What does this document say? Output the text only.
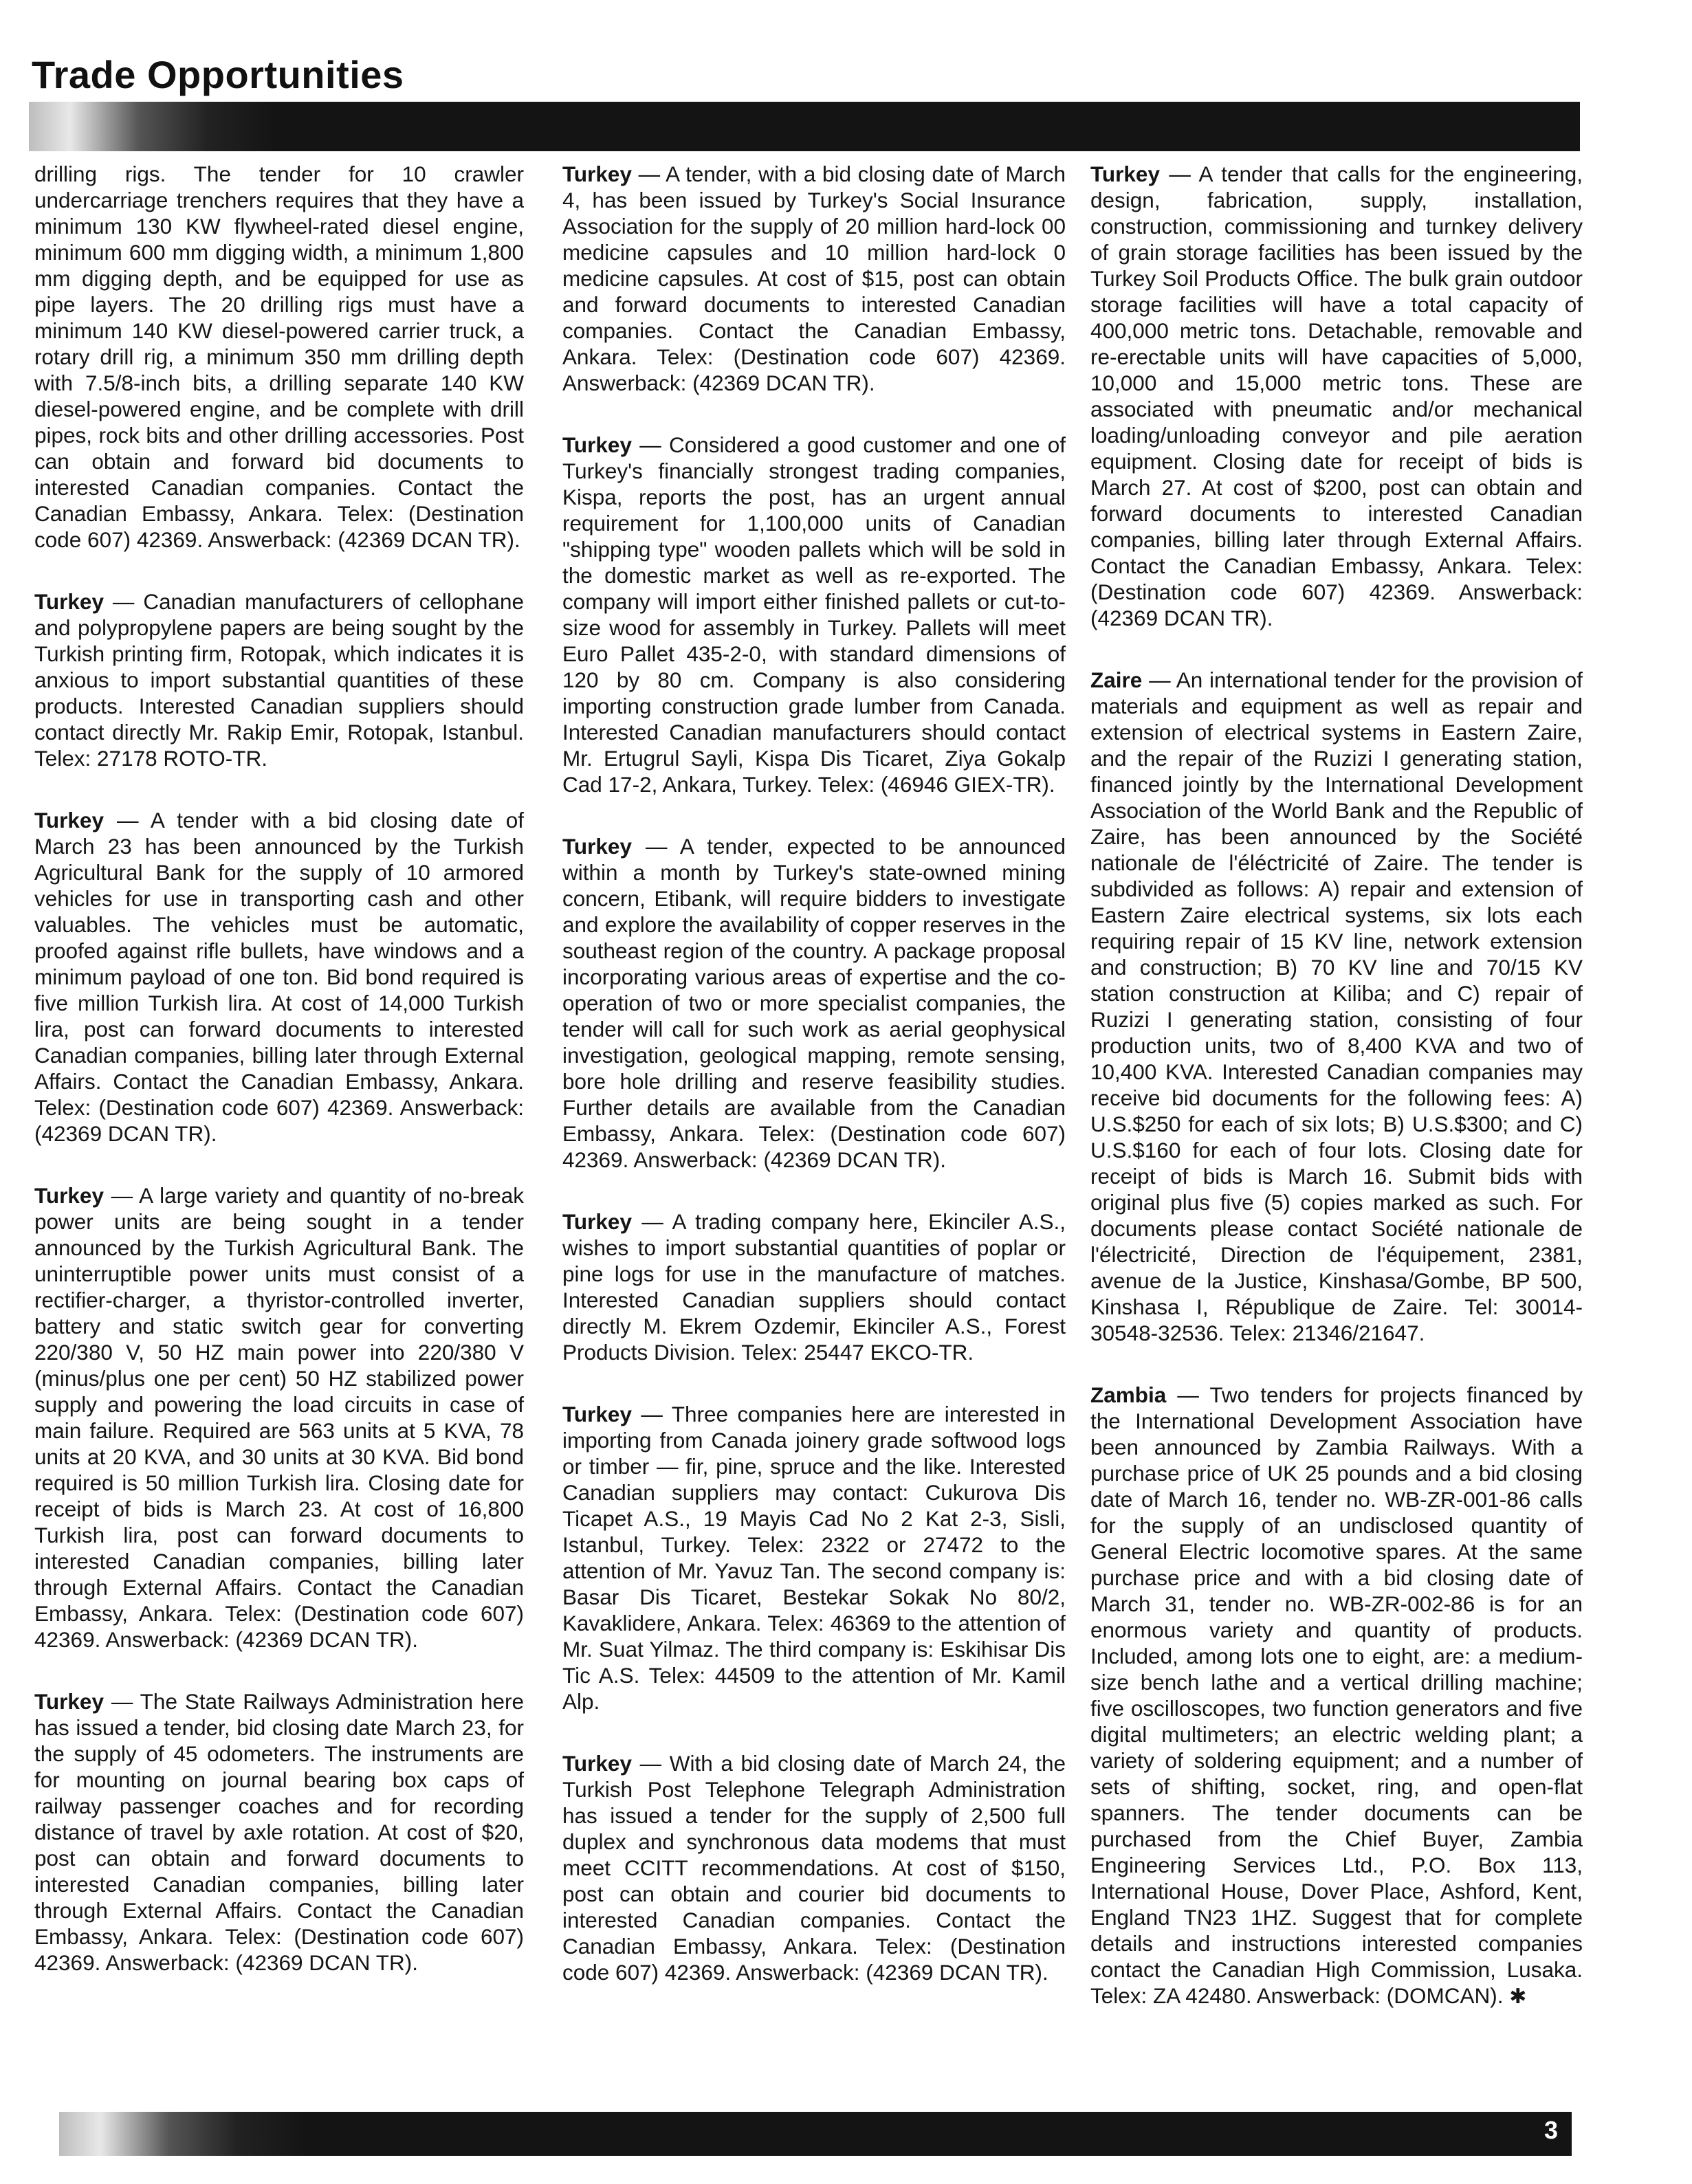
Trade Opportunities

drilling rigs. The tender for 10 crawler undercarriage trenchers requires that they have a minimum 130 KW flywheel-rated diesel engine, minimum 600 mm digging width, a minimum 1,800 mm digging depth, and be equipped for use as pipe layers. The 20 drilling rigs must have a minimum 140 KW diesel-powered carrier truck, a rotary drill rig, a minimum 350 mm drilling depth with 7.5/8-inch bits, a drilling separate 140 KW diesel-powered engine, and be complete with drill pipes, rock bits and other drilling accessories. Post can obtain and forward bid documents to interested Canadian companies. Contact the Canadian Embassy, Ankara. Telex: (Destination code 607) 42369. Answerback: (42369 DCAN TR).

Turkey — Canadian manufacturers of cellophane and polypropylene papers are being sought by the Turkish printing firm, Rotopak, which indicates it is anxious to import substantial quantities of these products. Interested Canadian suppliers should contact directly Mr. Rakip Emir, Rotopak, Istanbul. Telex: 27178 ROTO-TR.

Turkey — A tender with a bid closing date of March 23 has been announced by the Turkish Agricultural Bank for the supply of 10 armored vehicles for use in transporting cash and other valuables. The vehicles must be automatic, proofed against rifle bullets, have windows and a minimum payload of one ton. Bid bond required is five million Turkish lira. At cost of 14,000 Turkish lira, post can forward documents to interested Canadian companies, billing later through External Affairs. Contact the Canadian Embassy, Ankara. Telex: (Destination code 607) 42369. Answerback: (42369 DCAN TR).

Turkey — A large variety and quantity of no-break power units are being sought in a tender announced by the Turkish Agricultural Bank. The uninterruptible power units must consist of a rectifier-charger, a thyristor-controlled inverter, battery and static switch gear for converting 220/380 V, 50 HZ main power into 220/380 V (minus/plus one per cent) 50 HZ stabilized power supply and powering the load circuits in case of main failure. Required are 563 units at 5 KVA, 78 units at 20 KVA, and 30 units at 30 KVA. Bid bond required is 50 million Turkish lira. Closing date for receipt of bids is March 23. At cost of 16,800 Turkish lira, post can forward documents to interested Canadian companies, billing later through External Affairs. Contact the Canadian Embassy, Ankara. Telex: (Destination code 607) 42369. Answerback: (42369 DCAN TR).

Turkey — The State Railways Administration here has issued a tender, bid closing date March 23, for the supply of 45 odometers. The instruments are for mounting on journal bearing box caps of railway passenger coaches and for recording distance of travel by axle rotation. At cost of $20, post can obtain and forward documents to interested Canadian companies, billing later through External Affairs. Contact the Canadian Embassy, Ankara. Telex: (Destination code 607) 42369. Answerback: (42369 DCAN TR).

Turkey — A tender, with a bid closing date of March 4, has been issued by Turkey's Social Insurance Association for the supply of 20 million hard-lock 00 medicine capsules and 10 million hard-lock 0 medicine capsules. At cost of $15, post can obtain and forward documents to interested Canadian companies. Contact the Canadian Embassy, Ankara. Telex: (Destination code 607) 42369. Answerback: (42369 DCAN TR).

Turkey — Considered a good customer and one of Turkey's financially strongest trading companies, Kispa, reports the post, has an urgent annual requirement for 1,100,000 units of Canadian "shipping type" wooden pallets which will be sold in the domestic market as well as re-exported. The company will import either finished pallets or cut-to-size wood for assembly in Turkey. Pallets will meet Euro Pallet 435-2-0, with standard dimensions of 120 by 80 cm. Company is also considering importing construction grade lumber from Canada. Interested Canadian manufacturers should contact Mr. Ertugrul Sayli, Kispa Dis Ticaret, Ziya Gokalp Cad 17-2, Ankara, Turkey. Telex: (46946 GIEX-TR).

Turkey — A tender, expected to be announced within a month by Turkey's state-owned mining concern, Etibank, will require bidders to investigate and explore the availability of copper reserves in the southeast region of the country. A package proposal incorporating various areas of expertise and the co-operation of two or more specialist companies, the tender will call for such work as aerial geophysical investigation, geological mapping, remote sensing, bore hole drilling and reserve feasibility studies. Further details are available from the Canadian Embassy, Ankara. Telex: (Destination code 607) 42369. Answerback: (42369 DCAN TR).

Turkey — A trading company here, Ekinciler A.S., wishes to import substantial quantities of poplar or pine logs for use in the manufacture of matches. Interested Canadian suppliers should contact directly M. Ekrem Ozdemir, Ekinciler A.S., Forest Products Division. Telex: 25447 EKCO-TR.

Turkey — Three companies here are interested in importing from Canada joinery grade softwood logs or timber — fir, pine, spruce and the like. Interested Canadian suppliers may contact: Cukurova Dis Ticapet A.S., 19 Mayis Cad No 2 Kat 2-3, Sisli, Istanbul, Turkey. Telex: 2322 or 27472 to the attention of Mr. Yavuz Tan. The second company is: Basar Dis Ticaret, Bestekar Sokak No 80/2, Kavaklidere, Ankara. Telex: 46369 to the attention of Mr. Suat Yilmaz. The third company is: Eskihisar Dis Tic A.S. Telex: 44509 to the attention of Mr. Kamil Alp.

Turkey — With a bid closing date of March 24, the Turkish Post Telephone Telegraph Administration has issued a tender for the supply of 2,500 full duplex and synchronous data modems that must meet CCITT recommendations. At cost of $150, post can obtain and courier bid documents to interested Canadian companies. Contact the Canadian Embassy, Ankara. Telex: (Destination code 607) 42369. Answerback: (42369 DCAN TR).

Turkey — A tender that calls for the engineering, design, fabrication, supply, installation, construction, commissioning and turnkey delivery of grain storage facilities has been issued by the Turkey Soil Products Office. The bulk grain outdoor storage facilities will have a total capacity of 400,000 metric tons. Detachable, removable and re-erectable units will have capacities of 5,000, 10,000 and 15,000 metric tons. These are associated with pneumatic and/or mechanical loading/unloading conveyor and pile aeration equipment. Closing date for receipt of bids is March 27. At cost of $200, post can obtain and forward documents to interested Canadian companies, billing later through External Affairs. Contact the Canadian Embassy, Ankara. Telex: (Destination code 607) 42369. Answerback: (42369 DCAN TR).

Zaire — An international tender for the provision of materials and equipment as well as repair and extension of electrical systems in Eastern Zaire, and the repair of the Ruzizi I generating station, financed jointly by the International Development Association of the World Bank and the Republic of Zaire, has been announced by the Société nationale de l'éléctricité of Zaire. The tender is subdivided as follows: A) repair and extension of Eastern Zaire electrical systems, six lots each requiring repair of 15 KV line, network extension and construction; B) 70 KV line and 70/15 KV station construction at Kiliba; and C) repair of Ruzizi I generating station, consisting of four production units, two of 8,400 KVA and two of 10,400 KVA. Interested Canadian companies may receive bid documents for the following fees: A) U.S.$250 for each of six lots; B) U.S.$300; and C) U.S.$160 for each of four lots. Closing date for receipt of bids is March 16. Submit bids with original plus five (5) copies marked as such. For documents please contact Société nationale de l'électricité, Direction de l'équipement, 2381, avenue de la Justice, Kinshasa/Gombe, BP 500, Kinshasa I, République de Zaire. Tel: 30014-30548-32536. Telex: 21346/21647.

Zambia — Two tenders for projects financed by the International Development Association have been announced by Zambia Railways. With a purchase price of UK 25 pounds and a bid closing date of March 16, tender no. WB-ZR-001-86 calls for the supply of an undisclosed quantity of General Electric locomotive spares. At the same purchase price and with a bid closing date of March 31, tender no. WB-ZR-002-86 is for an enormous variety and quantity of products. Included, among lots one to eight, are: a medium-size bench lathe and a vertical drilling machine; five oscilloscopes, two function generators and five digital multimeters; an electric welding plant; a variety of soldering equipment; and a number of sets of shifting, socket, ring, and open-flat spanners. The tender documents can be purchased from the Chief Buyer, Zambia Engineering Services Ltd., P.O. Box 113, International House, Dover Place, Ashford, Kent, England TN23 1HZ. Suggest that for complete details and instructions interested companies contact the Canadian High Commission, Lusaka. Telex: ZA 42480. Answerback: (DOMCAN). ✱

3
